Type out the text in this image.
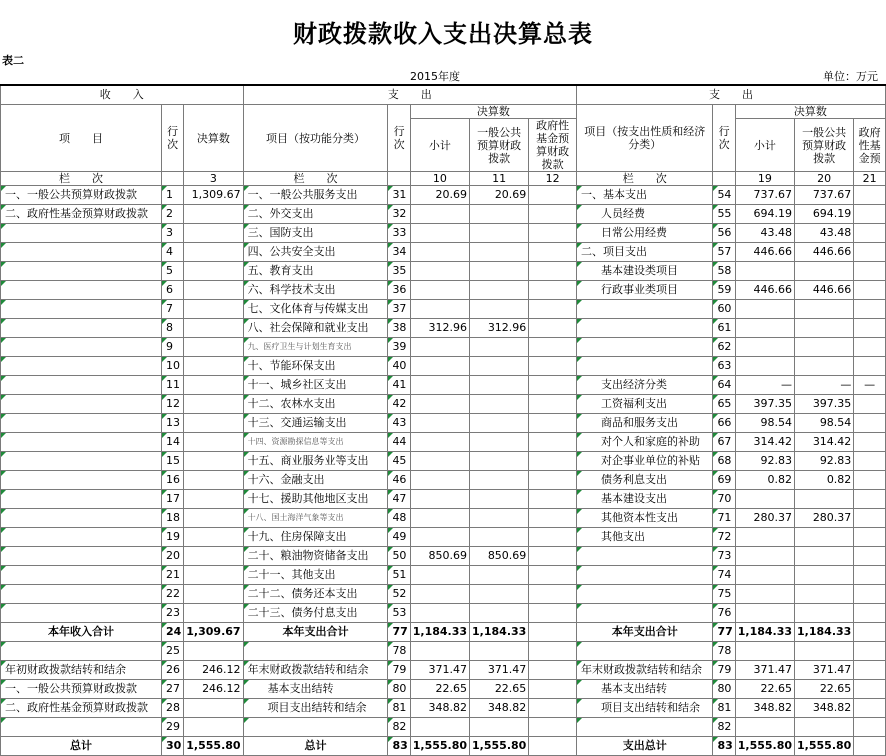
财政拨款收入支出决算总表
表二
2015年度	单位：万元
收　　入			支　　出					支　　出				
项　　目	行次	决算数	项目（按功能分类）	行次	决算数			项目（按支出性质和经济分类）	行次	决算数		
					小计	一般公共预算财政拨款	政府性基金预算财政拨款			小计	一般公共预算财政拨款	政府性基金预
栏　　次		3	栏　　次		10	11	12	栏　　次		19	20	21
一、一般公共预算财政拨款	1	1,309.67	一、一般公共服务支出	31	20.69	20.69		一、基本支出	54	737.67	737.67	
二、政府性基金预算财政拨款	2		二、外交支出	32				人员经费	55	694.19	694.19	
	3		三、国防支出	33				日常公用经费	56	43.48	43.48	
	4		四、公共安全支出	34				二、项目支出	57	446.66	446.66	
	5		五、教育支出	35				基本建设类项目	58			
	6		六、科学技术支出	36				行政事业类项目	59	446.66	446.66	
	7		七、文化体育与传媒支出	37					60			
	8		八、社会保障和就业支出	38	312.96	312.96			61			
	9		九、医疗卫生与计划生育支出	39					62			
	10		十、节能环保支出	40					63			
	11		十一、城乡社区支出	41				支出经济分类	64	—	—	—
	12		十二、农林水支出	42				工资福利支出	65	397.35	397.35	
	13		十三、交通运输支出	43				商品和服务支出	66	98.54	98.54	
	14		十四、资源勘探信息等支出	44				对个人和家庭的补助	67	314.42	314.42	
	15		十五、商业服务业等支出	45				对企事业单位的补贴	68	92.83	92.83	
	16		十六、金融支出	46				债务利息支出	69	0.82	0.82	
	17		十七、援助其他地区支出	47				基本建设支出	70			
	18		十八、国土海洋气象等支出	48				其他资本性支出	71	280.37	280.37	
	19		十九、住房保障支出	49				其他支出	72			
	20		二十、粮油物资储备支出	50	850.69	850.69			73			
	21		二十一、其他支出	51					74			
	22		二十二、债务还本支出	52					75			
	23		二十三、债务付息支出	53					76			
本年收入合计	24	1,309.67	本年支出合计	77	1,184.33	1,184.33		本年支出合计	77	1,184.33	1,184.33	
	25			78					78			
年初财政拨款结转和结余	26	246.12	年末财政拨款结转和结余	79	371.47	371.47		年末财政拨款结转和结余	79	371.47	371.47	
一、一般公共预算财政拨款	27	246.12	基本支出结转	80	22.65	22.65		基本支出结转	80	22.65	22.65	
二、政府性基金预算财政拨款	28		项目支出结转和结余	81	348.82	348.82		项目支出结转和结余	81	348.82	348.82	
	29			82					82			
总计	30	1,555.80	总计	83	1,555.80	1,555.80		支出总计	83	1,555.80	1,555.80	
